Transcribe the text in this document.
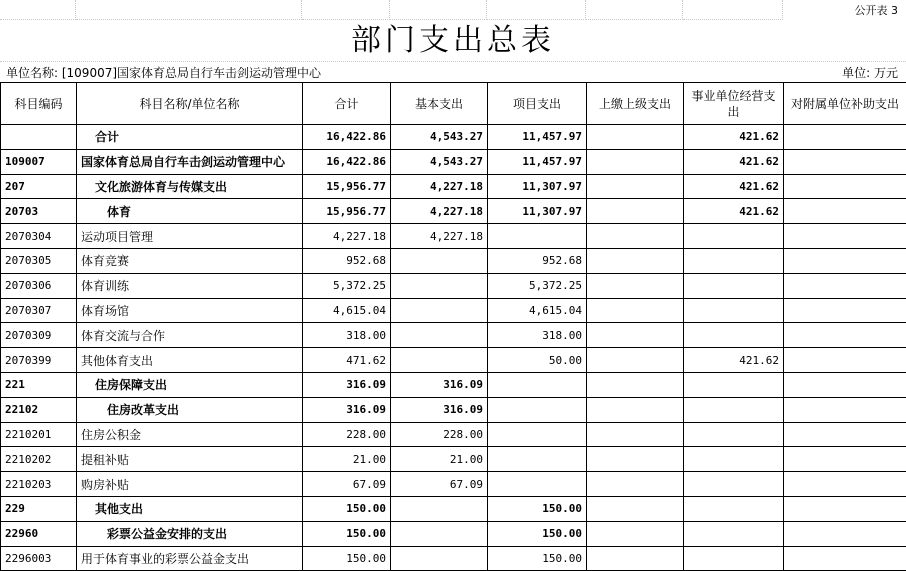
公开表 3
部门支出总表
单位名称: [109007]国家体育总局自行车击剑运动管理中心	单位: 万元
科目编码	科目名称/单位名称	合计	基本支出	项目支出	上缴上级支出	事业单位经营支出	对附属单位补助支出
	合计	16,422.86	4,543.27	11,457.97		421.62	
109007	国家体育总局自行车击剑运动管理中心	16,422.86	4,543.27	11,457.97		421.62	
207	文化旅游体育与传媒支出	15,956.77	4,227.18	11,307.97		421.62	
20703	体育	15,956.77	4,227.18	11,307.97		421.62	
2070304	运动项目管理	4,227.18	4,227.18				
2070305	体育竞赛	952.68		952.68			
2070306	体育训练	5,372.25		5,372.25			
2070307	体育场馆	4,615.04		4,615.04			
2070309	体育交流与合作	318.00		318.00			
2070399	其他体育支出	471.62		50.00		421.62	
221	住房保障支出	316.09	316.09				
22102	住房改革支出	316.09	316.09				
2210201	住房公积金	228.00	228.00				
2210202	提租补贴	21.00	21.00				
2210203	购房补贴	67.09	67.09				
229	其他支出	150.00		150.00			
22960	彩票公益金安排的支出	150.00		150.00			
2296003	用于体育事业的彩票公益金支出	150.00		150.00			
